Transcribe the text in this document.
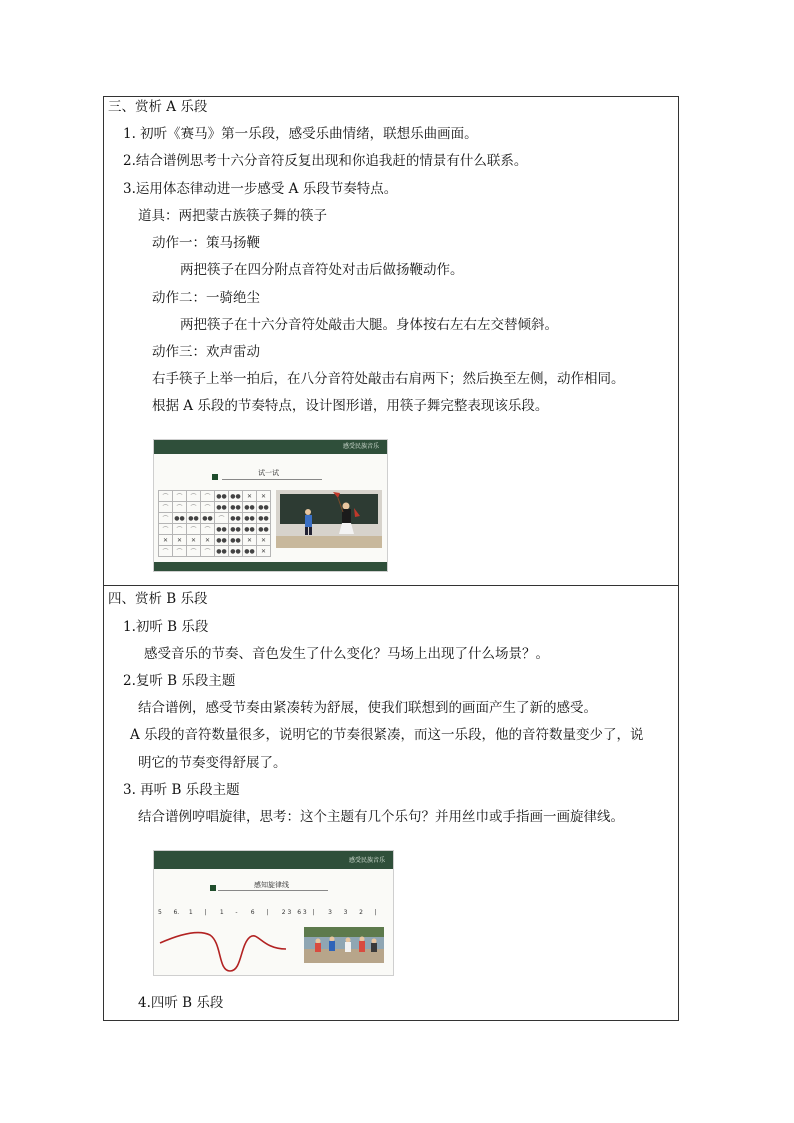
三、赏析 A 乐段
1. 初听《赛马》第一乐段，感受乐曲情绪，联想乐曲画面。
2.结合谱例思考十六分音符反复出现和你追我赶的情景有什么联系。
3.运用体态律动进一步感受 A 乐段节奏特点。
道具：两把蒙古族筷子舞的筷子
动作一：策马扬鞭
两把筷子在四分附点音符处对击后做扬鞭动作。
动作二：一骑绝尘
两把筷子在十六分音符处敲击大腿。身体按右左右左交替倾斜。
动作三：欢声雷动
右手筷子上举一拍后，在八分音符处敲击右肩两下；然后换至左侧，动作相同。
根据 A 乐段的节奏特点，设计图形谱，用筷子舞完整表现该乐段。
感受民族音乐
试一试
⌒	⌒	⌒	⌒	●●	●●	✕	✕
⌒	⌒	⌒	⌒	●●	●●	●●	●●
⌒	●●	●●	●●	⌒	●●	●●	●●
⌒	⌒	⌒	⌒	●●	●●	●●	●●
✕	✕	✕	✕	●●	●●	✕	✕
⌒	⌒	⌒	⌒	●●	●●	●●	✕
四、赏析 B 乐段
1.初听 B 乐段
感受音乐的节奏、音色发生了什么变化？马场上出现了什么场景？。
2.复听 B 乐段主题
结合谱例，感受节奏由紧凑转为舒展，使我们联想到的画面产生了新的感受。
A 乐段的音符数量很多，说明它的节奏很紧凑，而这一乐段，他的音符数量变少了，说
明它的节奏变得舒展了。
3. 再听 B 乐段主题
结合谱例哼唱旋律，思考：这个主题有几个乐句？并用丝巾或手指画一画旋律线。
感受民族音乐
感知旋律线
5 6. 1 | 1 - 6 | 2 3 6 3 | 3 3 2 |
4.四听 B 乐段
